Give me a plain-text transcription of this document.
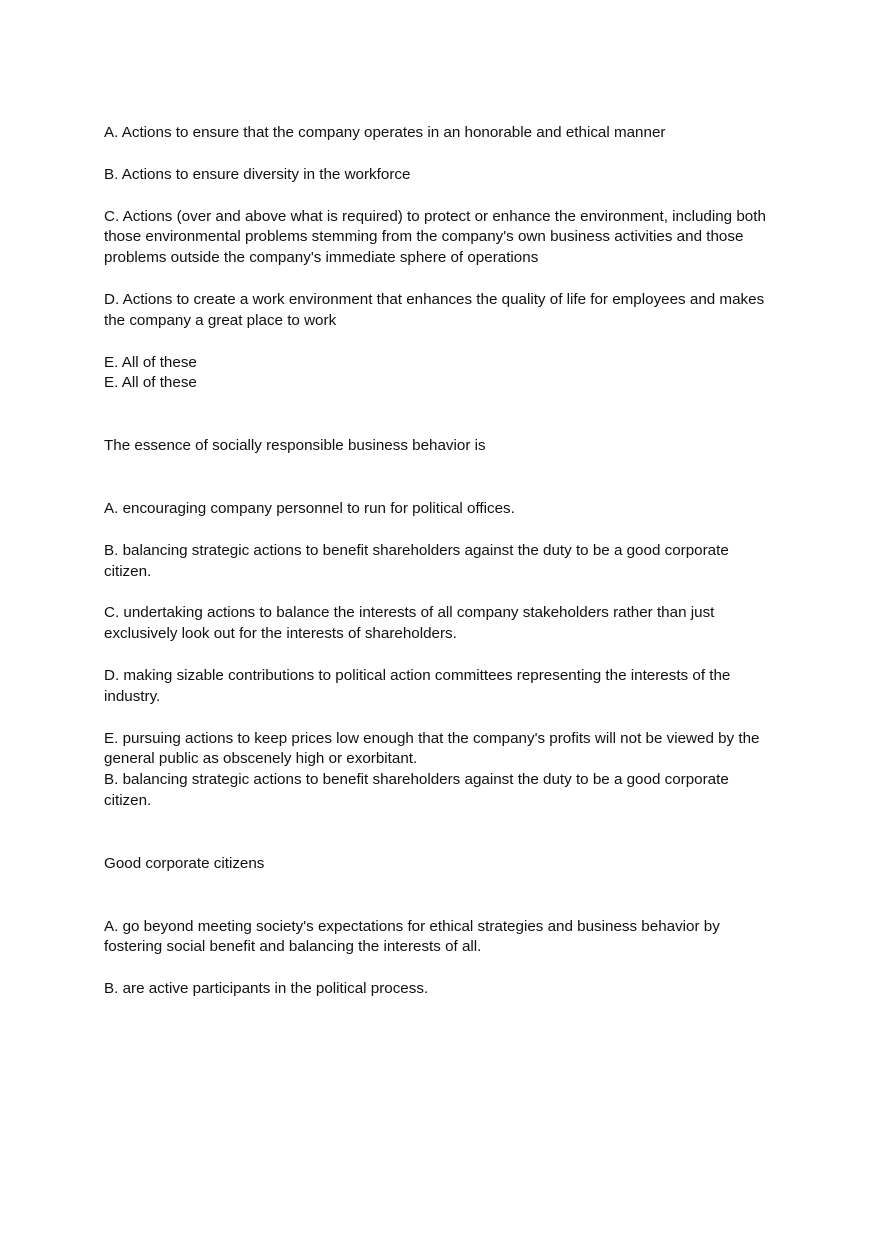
A. Actions to ensure that the company operates in an honorable and ethical manner

B. Actions to ensure diversity in the workforce

C. Actions (over and above what is required) to protect or enhance the environment, including both those environmental problems stemming from the company's own business activities and those problems outside the company's immediate sphere of operations

D. Actions to create a work environment that enhances the quality of life for employees and makes the company a great place to work

E. All of these

E. All of these

The essence of socially responsible business behavior is

A. encouraging company personnel to run for political offices.

B. balancing strategic actions to benefit shareholders against the duty to be a good corporate citizen.

C. undertaking actions to balance the interests of all company stakeholders rather than just exclusively look out for the interests of shareholders.

D. making sizable contributions to political action committees representing the interests of the industry.

E. pursuing actions to keep prices low enough that the company's profits will not be viewed by the general public as obscenely high or exorbitant.

B. balancing strategic actions to benefit shareholders against the duty to be a good corporate citizen.

Good corporate citizens

A. go beyond meeting society's expectations for ethical strategies and business behavior by fostering social benefit and balancing the interests of all.

B. are active participants in the political process.
